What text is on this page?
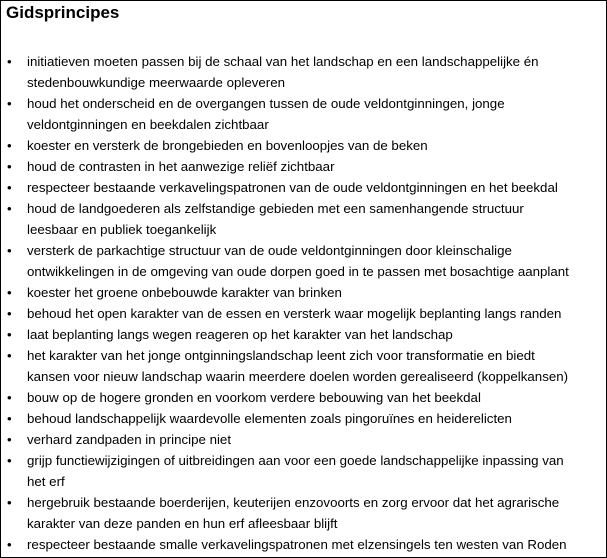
Gidsprincipes
• initiatieven moeten passen bij de schaal van het landschap en een landschappelijke én
stedenbouwkundige meerwaarde opleveren
• houd het onderscheid en de overgangen tussen de oude veldontginningen, jonge
veldontginningen en beekdalen zichtbaar
• koester en versterk de brongebieden en bovenloopjes van de beken
• houd de contrasten in het aanwezige reliëf zichtbaar
• respecteer bestaande verkavelingspatronen van de oude veldontginningen en het beekdal
• houd de landgoederen als zelfstandige gebieden met een samenhangende structuur
leesbaar en publiek toegankelijk
• versterk de parkachtige structuur van de oude veldontginningen door kleinschalige
ontwikkelingen in de omgeving van oude dorpen goed in te passen met bosachtige aanplant
• koester het groene onbebouwde karakter van brinken
• behoud het open karakter van de essen en versterk waar mogelijk beplanting langs randen
• laat beplanting langs wegen reageren op het karakter van het landschap
• het karakter van het jonge ontginningslandschap leent zich voor transformatie en biedt
kansen voor nieuw landschap waarin meerdere doelen worden gerealiseerd (koppelkansen)
• bouw op de hogere gronden en voorkom verdere bebouwing van het beekdal
• behoud landschappelijk waardevolle elementen zoals pingoruïnes en heiderelicten
• verhard zandpaden in principe niet
• grijp functiewijzigingen of uitbreidingen aan voor een goede landschappelijke inpassing van
het erf
• hergebruik bestaande boerderijen, keuterijen enzovoorts en zorg ervoor dat het agrarische
karakter van deze panden en hun erf afleesbaar blijft
• respecteer bestaande smalle verkavelingspatronen met elzensingels ten westen van Roden
